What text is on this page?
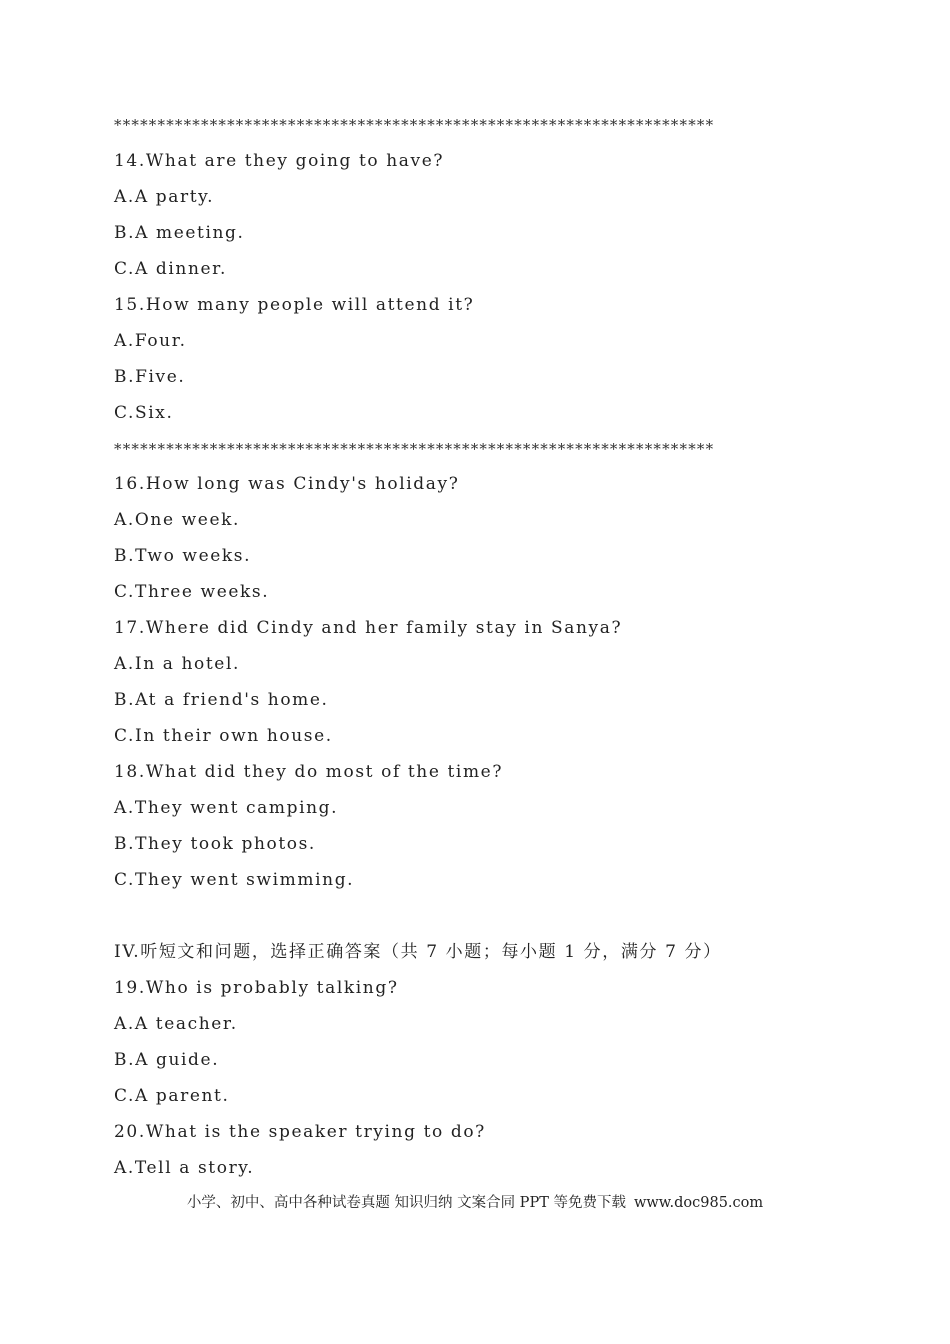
*********************************************************************
14.What are they going to have?
A.A party.
B.A meeting.
C.A dinner.
15.How many people will attend it?
A.Four.
B.Five.
C.Six.
*********************************************************************
16.How long was Cindy's holiday?
A.One week.
B.Two weeks.
C.Three weeks.
17.Where did Cindy and her family stay in Sanya?
A.In a hotel.
B.At a friend's home.
C.In their own house.
18.What did they do most of the time?
A.They went camping.
B.They took photos.
C.They went swimming.
IV.听短文和问题，选择正确答案（共 7 小题；每小题 1 分，满分 7 分）
19.Who is probably talking?
A.A teacher.
B.A guide.
C.A parent.
20.What is the speaker trying to do?
A.Tell a story.
小学、初中、高中各种试卷真题 知识归纳 文案合同 PPT 等免费下载 www.doc985.com
